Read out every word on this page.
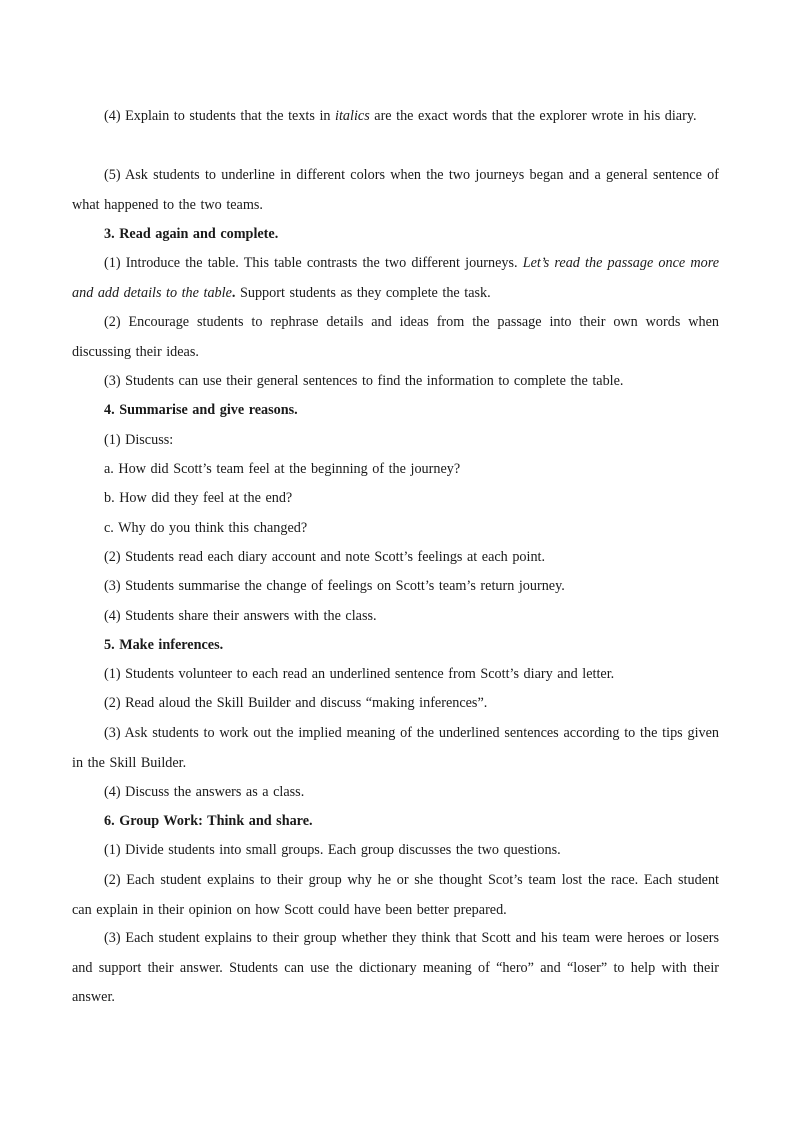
(4) Explain to students that the texts in italics are the exact words that the explorer wrote in his diary.

(5) Ask students to underline in different colors when the two journeys began and a general sentence of what happened to the two teams.

3. Read again and complete.

(1) Introduce the table. This table contrasts the two different journeys. Let’s read the passage once more and add details to the table. Support students as they complete the task.

(2) Encourage students to rephrase details and ideas from the passage into their own words when discussing their ideas.

(3) Students can use their general sentences to find the information to complete the table.

4. Summarise and give reasons.

(1) Discuss:

a. How did Scott’s team feel at the beginning of the journey?

b. How did they feel at the end?

c. Why do you think this changed?

(2) Students read each diary account and note Scott’s feelings at each point.

(3) Students summarise the change of feelings on Scott’s team’s return journey.

(4) Students share their answers with the class.

5. Make inferences.

(1) Students volunteer to each read an underlined sentence from Scott’s diary and letter.

(2) Read aloud the Skill Builder and discuss “making inferences”.

(3) Ask students to work out the implied meaning of the underlined sentences according to the tips given in the Skill Builder.

(4) Discuss the answers as a class.

6. Group Work: Think and share.

(1) Divide students into small groups. Each group discusses the two questions.

(2) Each student explains to their group why he or she thought Scot’s team lost the race. Each student can explain in their opinion on how Scott could have been better prepared.

(3) Each student explains to their group whether they think that Scott and his team were heroes or losers and support their answer. Students can use the dictionary meaning of “hero” and “loser” to help with their answer.
